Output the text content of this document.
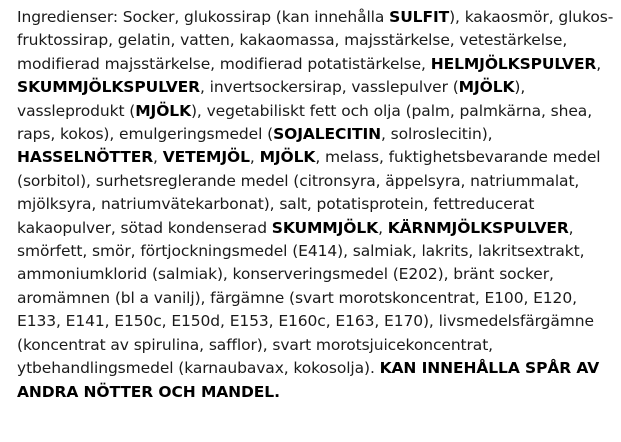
Ingredienser: Socker, glukossirap (kan innehålla SULFIT), kakaosmör, glukos-fruktossirap, gelatin, vatten, kakaomassa, majsstärkelse, vetestärkelse, modifierad majsstärkelse, modifierad potatistärkelse, HELMJÖLKSPULVER, SKUMMJÖLKSPULVER, invertsockersirap, vasslepulver (MJÖLK), vassleprodukt (MJÖLK), vegetabiliskt fett och olja (palm, palmkärna, shea, raps, kokos), emulgeringsmedel (SOJALECITIN, solroslecitin), HASSELNÖTTER, VETEMJÖL, MJÖLK, melass, fuktighetsbevarande medel (sorbitol), surhetsreglerande medel (citronsyra, äppelsyra, natriummalat, mjölksyra, natriumvätekarbonat), salt, potatisprotein, fettreducerat kakaopulver, sötad kondenserad SKUMMJÖLK, KÄRNMJÖLKSPULVER, smörfett, smör, förtjockningsmedel (E414), salmiak, lakrits, lakritsextrakt, ammoniumklorid (salmiak), konserveringsmedel (E202), bränt socker, aromämnen (bl a vanilj), färgämne (svart morotskoncentrat, E100, E120, E133, E141, E150c, E150d, E153, E160c, E163, E170), livsmedelsfärgämne (koncentrat av spirulina, safflor), svart morotsjuicekoncentrat, ytbehandlingsmedel (karnaubavax, kokosolja). KAN INNEHÅLLA SPÅR AV ANDRA NÖTTER OCH MANDEL.
